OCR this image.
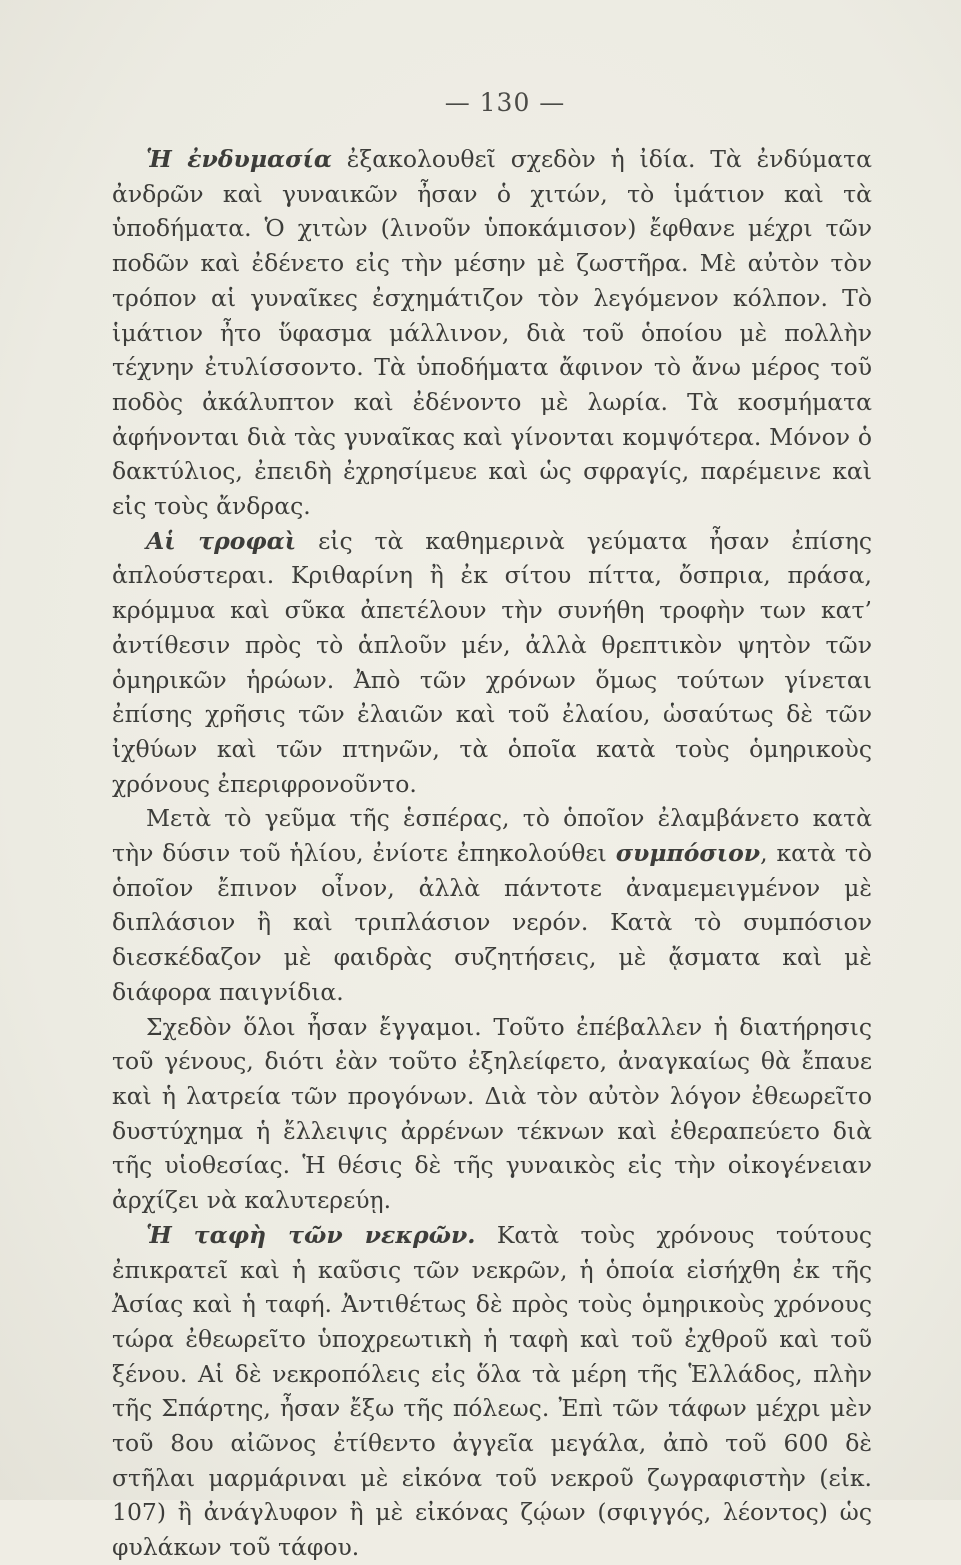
— 130 —

Ἡ ἐνδυμασία ἐξακολουθεῖ σχεδὸν ἡ ἰδία. Τὰ ἐνδύματα ἀνδρῶν καὶ γυναικῶν ἦσαν ὁ χιτών, τὸ ἱμάτιον καὶ τὰ ὑποδήματα. Ὁ χιτὼν (λινοῦν ὑποκάμισον) ἔφθανε μέχρι τῶν ποδῶν καὶ ἐδένετο εἰς τὴν μέσην μὲ ζωστῆρα. Μὲ αὐτὸν τὸν τρόπον αἱ γυναῖκες ἐσχημάτιζον τὸν λεγόμενον κόλπον. Τὸ ἱμάτιον ἦτο ὕφασμα μάλλινον, διὰ τοῦ ὁποίου μὲ πολλὴν τέχνην ἐτυλίσσοντο. Τὰ ὑποδήματα ἄφινον τὸ ἄνω μέρος τοῦ ποδὸς ἀκάλυπτον καὶ ἐδένοντο μὲ λωρία. Τὰ κοσμήματα ἀφήνονται διὰ τὰς γυναῖκας καὶ γίνονται κομψότερα. Μόνον ὁ δακτύλιος, ἐπειδὴ ἐχρησίμευε καὶ ὡς σφραγίς, παρέμεινε καὶ εἰς τοὺς ἄνδρας.

Αἱ τροφαὶ εἰς τὰ καθημερινὰ γεύματα ἦσαν ἐπίσης ἁπλούστεραι. Κριθαρίνη ἢ ἐκ σίτου πίττα, ὄσπρια, πράσα, κρόμμυα καὶ σῦκα ἀπετέλουν τὴν συνήθη τροφὴν των κατ’ ἀντίθεσιν πρὸς τὸ ἁπλοῦν μέν, ἀλλὰ θρεπτικὸν ψητὸν τῶν ὁμηρικῶν ἡρώων. Ἀπὸ τῶν χρόνων ὅμως τούτων γίνεται ἐπίσης χρῆσις τῶν ἐλαιῶν καὶ τοῦ ἐλαίου, ὡσαύτως δὲ τῶν ἰχθύων καὶ τῶν πτηνῶν, τὰ ὁποῖα κατὰ τοὺς ὁμηρικοὺς χρόνους ἐπεριφρονοῦντο.

Μετὰ τὸ γεῦμα τῆς ἑσπέρας, τὸ ὁποῖον ἐλαμβάνετο κατὰ τὴν δύσιν τοῦ ἡλίου, ἐνίοτε ἐπηκολούθει συμπόσιον, κατὰ τὸ ὁποῖον ἔπινον οἶνον, ἀλλὰ πάντοτε ἀναμεμειγμένον μὲ διπλάσιον ἢ καὶ τριπλάσιον νερόν. Κατὰ τὸ συμπόσιον διεσκέδαζον μὲ φαιδρὰς συζητήσεις, μὲ ᾄσματα καὶ μὲ διάφορα παιγνίδια.

Σχεδὸν ὅλοι ἦσαν ἔγγαμοι. Τοῦτο ἐπέβαλλεν ἡ διατήρησις τοῦ γένους, διότι ἐὰν τοῦτο ἐξηλείφετο, ἀναγκαίως θὰ ἔπαυε καὶ ἡ λατρεία τῶν προγόνων. Διὰ τὸν αὐτὸν λόγον ἐθεωρεῖτο δυστύχημα ἡ ἔλλειψις ἀρρένων τέκνων καὶ ἐθεραπεύετο διὰ τῆς υἱοθεσίας. Ἡ θέσις δὲ τῆς γυναικὸς εἰς τὴν οἰκογένειαν ἀρχίζει νὰ καλυτερεύῃ.

Ἡ ταφὴ τῶν νεκρῶν. Κατὰ τοὺς χρόνους τούτους ἐπικρατεῖ καὶ ἡ καῦσις τῶν νεκρῶν, ἡ ὁποία εἰσήχθη ἐκ τῆς Ἀσίας καὶ ἡ ταφή. Ἀντιθέτως δὲ πρὸς τοὺς ὁμηρικοὺς χρόνους τώρα ἐθεωρεῖτο ὑποχρεωτικὴ ἡ ταφὴ καὶ τοῦ ἐχθροῦ καὶ τοῦ ξένου. Αἱ δὲ νεκροπόλεις εἰς ὅλα τὰ μέρη τῆς Ἑλλάδος, πλὴν τῆς Σπάρτης, ἦσαν ἔξω τῆς πόλεως. Ἐπὶ τῶν τάφων μέχρι μὲν τοῦ 8ου αἰῶνος ἐτίθεντο ἀγγεῖα μεγάλα, ἀπὸ τοῦ 600 δὲ στῆλαι μαρμάριναι μὲ εἰκόνα τοῦ νεκροῦ ζωγραφιστὴν (εἰκ. 107) ἢ ἀνάγλυφον ἢ μὲ εἰκόνας ζῴων (σφιγγός, λέοντος) ὡς φυλάκων τοῦ τάφου.
